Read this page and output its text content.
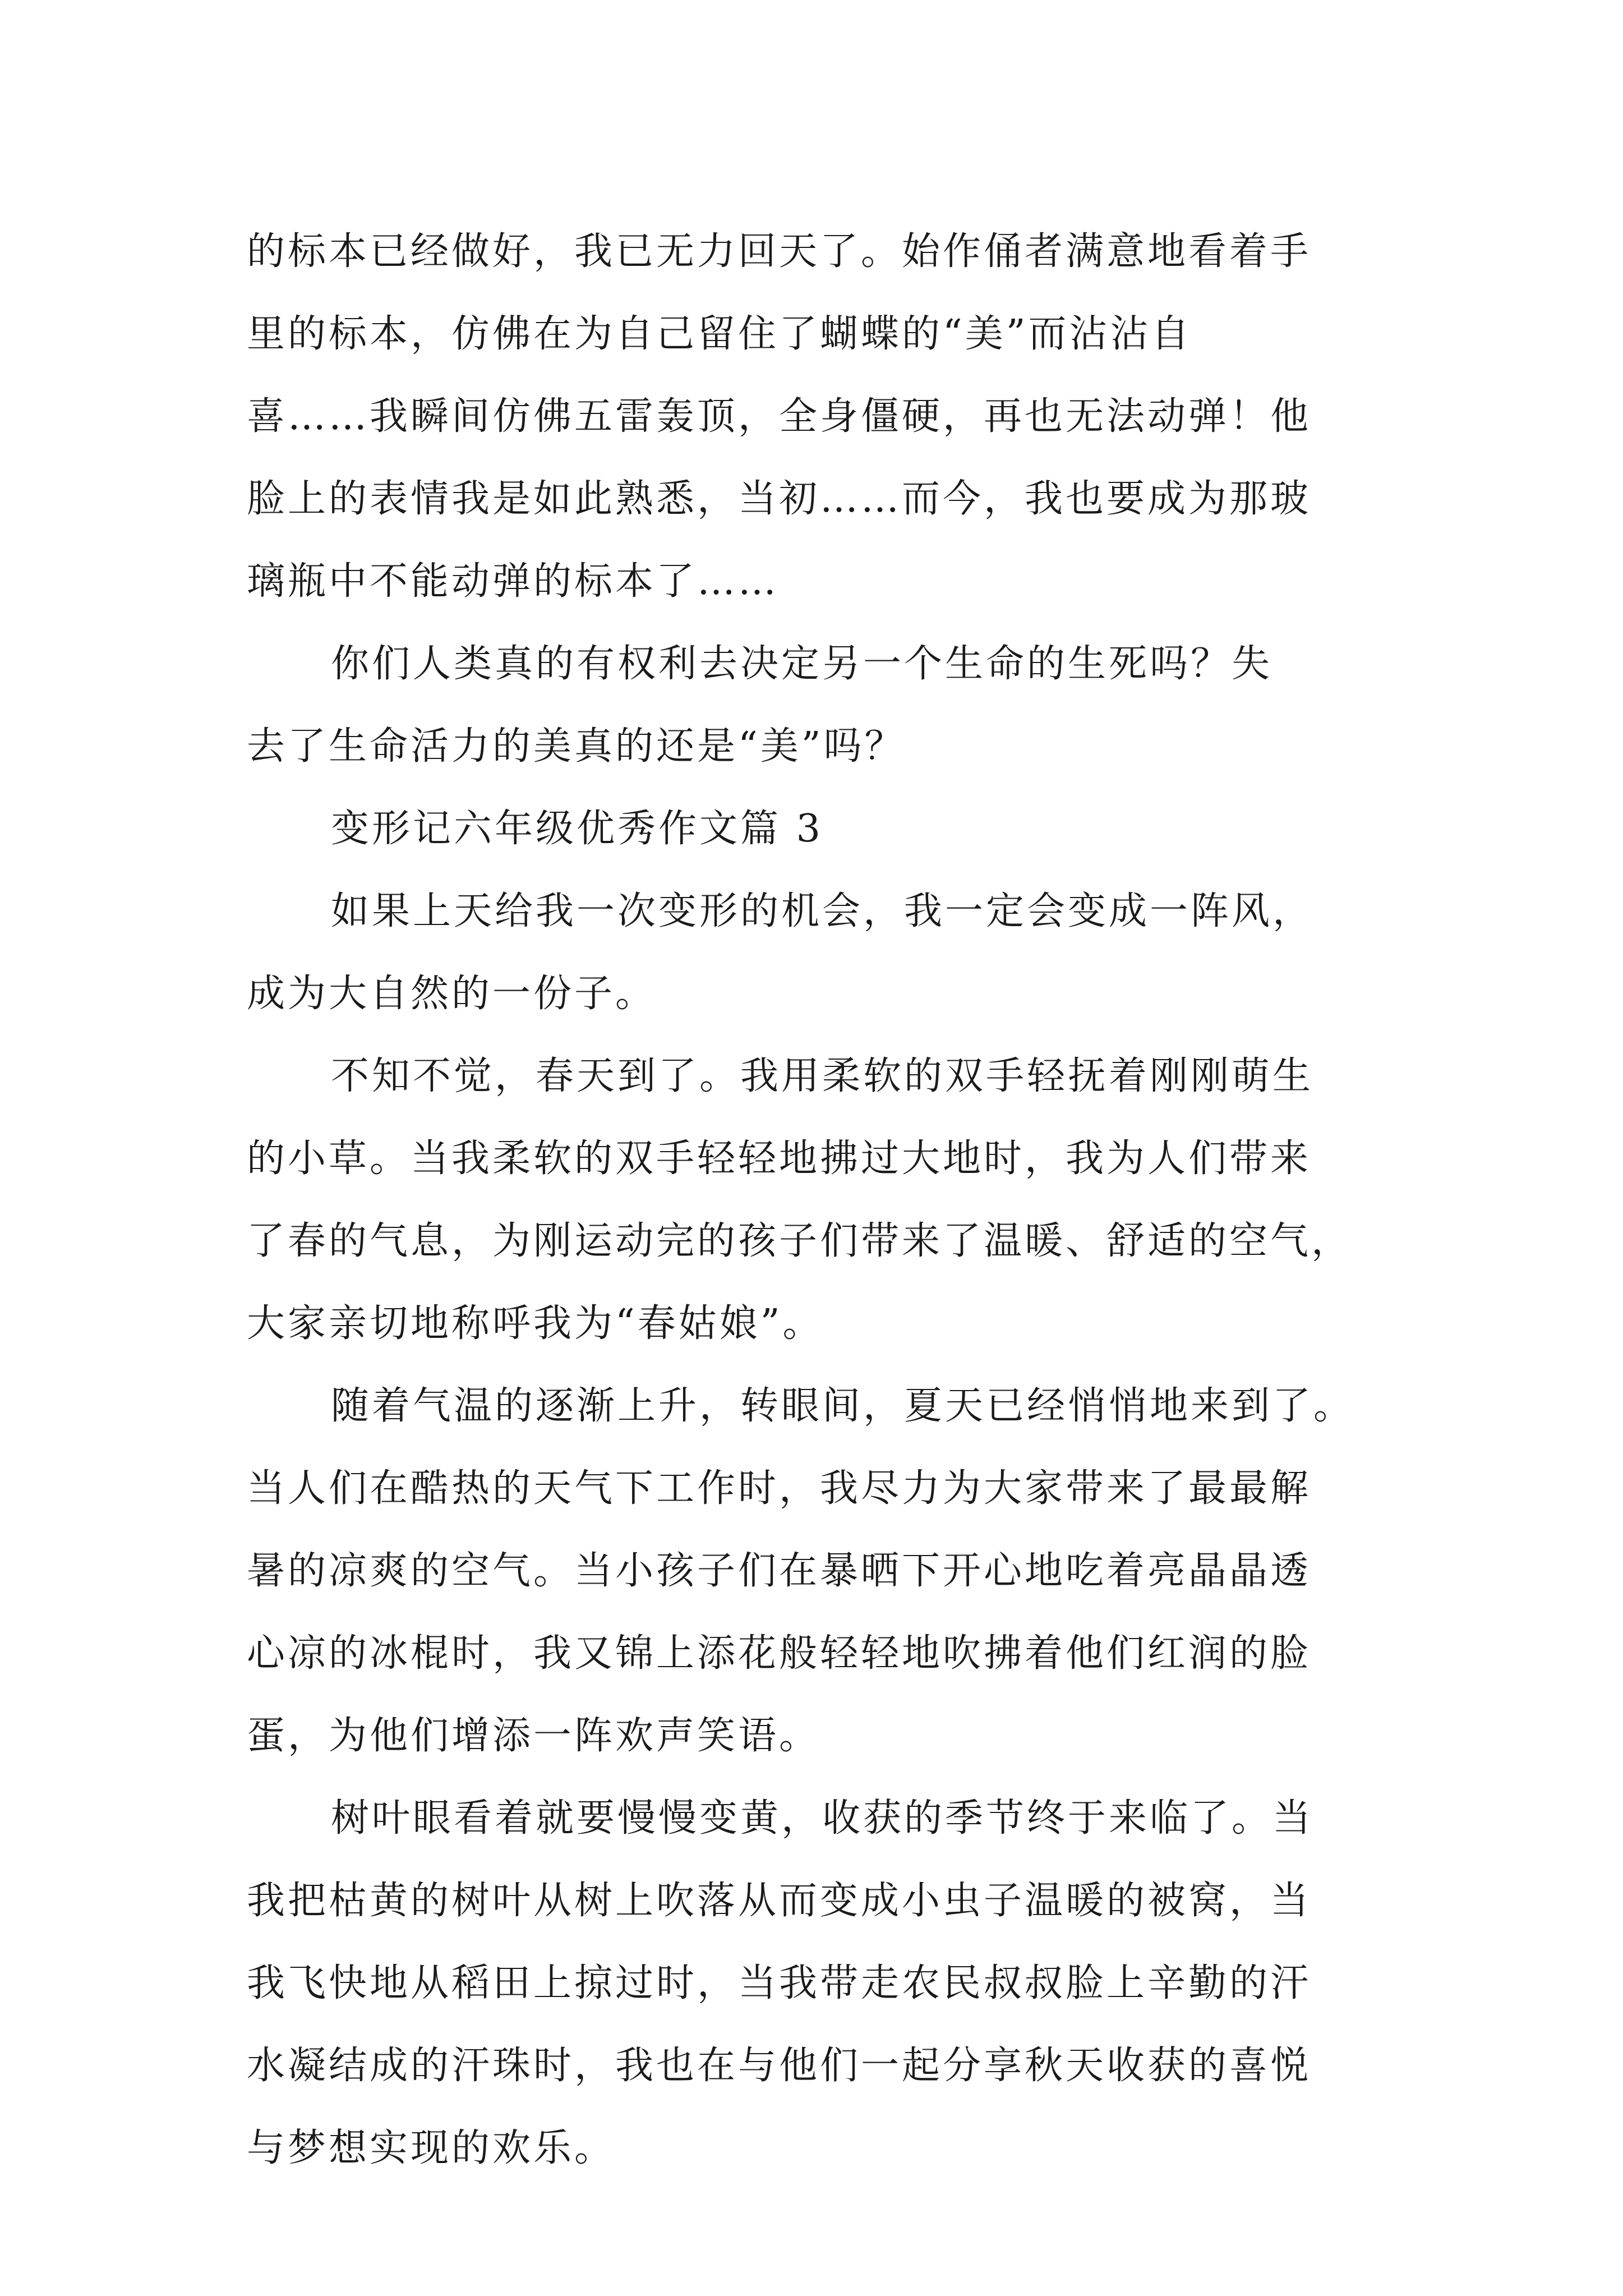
的标本已经做好，我已无力回天了。始作俑者满意地看着手
里的标本，仿佛在为自己留住了蝴蝶的“美”而沾沾自
喜……我瞬间仿佛五雷轰顶，全身僵硬，再也无法动弹！他
脸上的表情我是如此熟悉，当初……而今，我也要成为那玻
璃瓶中不能动弹的标本了……
你们人类真的有权利去决定另一个生命的生死吗？失
去了生命活力的美真的还是“美”吗？
变形记六年级优秀作文篇 3
如果上天给我一次变形的机会，我一定会变成一阵风，
成为大自然的一份子。
不知不觉，春天到了。我用柔软的双手轻抚着刚刚萌生
的小草。当我柔软的双手轻轻地拂过大地时，我为人们带来
了春的气息，为刚运动完的孩子们带来了温暖、舒适的空气，
大家亲切地称呼我为“春姑娘”。
随着气温的逐渐上升，转眼间，夏天已经悄悄地来到了。
当人们在酷热的天气下工作时，我尽力为大家带来了最最解
暑的凉爽的空气。当小孩子们在暴晒下开心地吃着亮晶晶透
心凉的冰棍时，我又锦上添花般轻轻地吹拂着他们红润的脸
蛋，为他们增添一阵欢声笑语。
树叶眼看着就要慢慢变黄，收获的季节终于来临了。当
我把枯黄的树叶从树上吹落从而变成小虫子温暖的被窝，当
我飞快地从稻田上掠过时，当我带走农民叔叔脸上辛勤的汗
水凝结成的汗珠时，我也在与他们一起分享秋天收获的喜悦
与梦想实现的欢乐。
